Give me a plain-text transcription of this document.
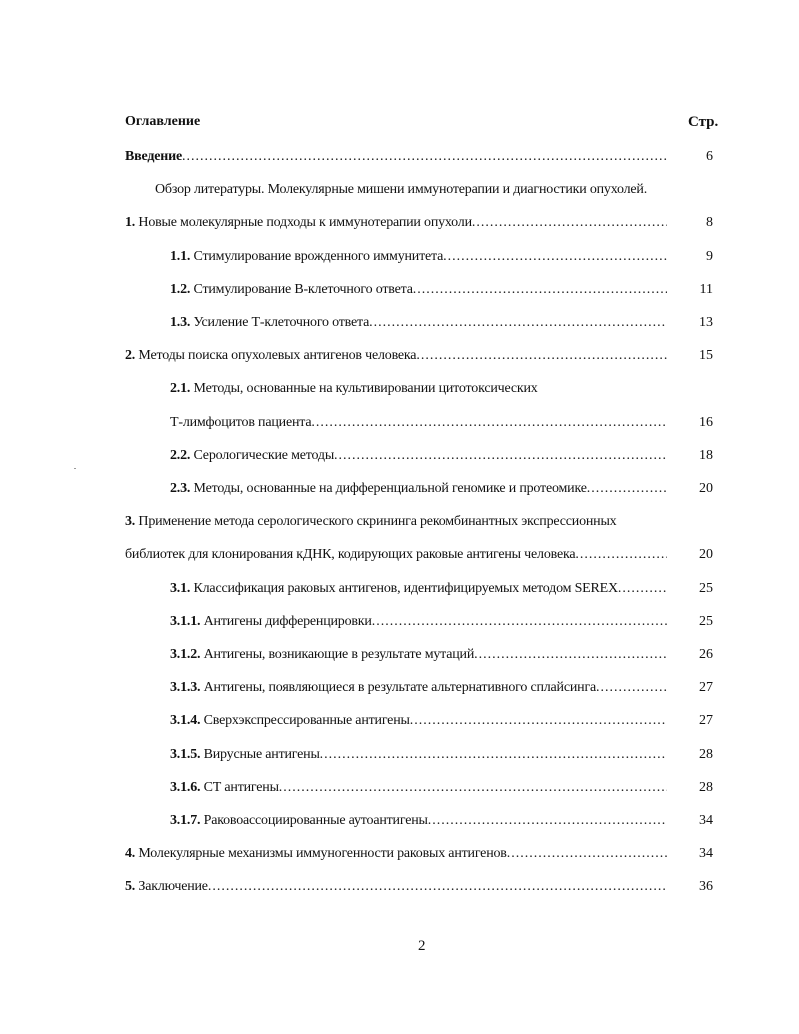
Оглавление	Стр.
Введение .....	6
Обзор литературы. Молекулярные мишени иммунотерапии и диагностики опухолей.
1. Новые молекулярные подходы к иммунотерапии опухоли .....	8
1.1. Стимулирование врожденного иммунитета .....	9
1.2. Стимулирование В-клеточного ответа .....	11
1.3. Усиление Т-клеточного ответа .....	13
2. Методы поиска опухолевых антигенов человека .....	15
2.1. Методы, основанные на культивировании цитотоксических
Т-лимфоцитов пациента .....	16
2.2. Серологические методы .....	18
2.3. Методы, основанные на дифференциальной геномике и протеомике .....	20
3. Применение метода серологического скрининга рекомбинантных экспрессионных
библиотек для клонирования кДНК, кодирующих раковые антигены человека .....	20
3.1. Классификация раковых антигенов, идентифицируемых методом SEREX .....	25
3.1.1. Антигены дифференцировки .....	25
3.1.2. Антигены, возникающие в результате мутаций .....	26
3.1.3. Антигены, появляющиеся в результате альтернативного сплайсинга .....	27
3.1.4. Сверхэкспрессированные антигены .....	27
3.1.5. Вирусные антигены .....	28
3.1.6. СТ антигены .....	28
3.1.7. Раковоассоциированные аутоантигены .....	34
4. Молекулярные механизмы иммуногенности раковых антигенов .....	34
5. Заключение .....	36
2
